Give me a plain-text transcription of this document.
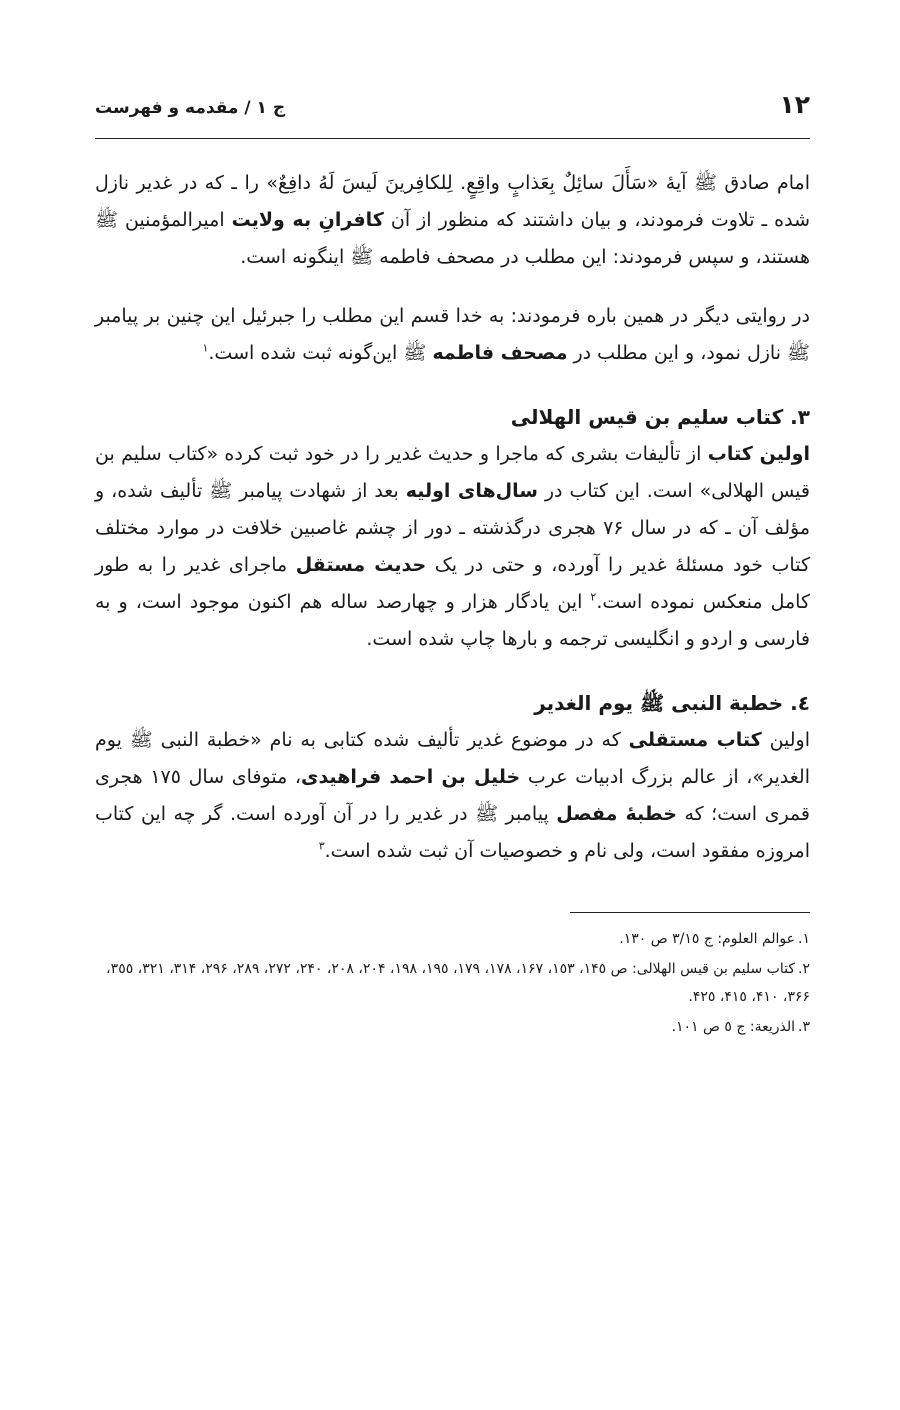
١٢
ج ١ / مقدمه و فهرست

امام صادق ﷺ آیهٔ «سَأَلَ سائِلٌ بِعَذابٍ واقِعٍ. لِلکافِرینَ لَیسَ لَهُ دافِعٌ» را ـ که در غدیر نازل شده ـ تلاوت فرمودند، و بیان داشتند که منظور از آن کافرانِ به ولایت امیرالمؤمنین ﷺ هستند، و سپس فرمودند: این مطلب در مصحف فاطمه ﷺ اینگونه است.

در روایتی دیگر در همین باره فرمودند: به خدا قسم این مطلب را جبرئیل این چنین بر پیامبر ﷺ نازل نمود، و این مطلب در مصحف فاطمه ﷺ این‌گونه ثبت شده است.$^١$

٣. کتاب سلیم بن قیس الهلالی

اولین کتاب از تألیفات بشری که ماجرا و حدیث غدیر را در خود ثبت کرده «کتاب سلیم بن قیس الهلالی» است. این کتاب در سال‌های اولیه بعد از شهادت پیامبر ﷺ تألیف شده، و مؤلف آن ـ که در سال ٧۶ هجری درگذشته ـ دور از چشم غاصبین خلافت در موارد مختلف کتاب خود مسئلهٔ غدیر را آورده، و حتی در یک حدیث مستقل ماجرای غدیر را به طور کامل منعکس نموده است.$^٢$ این یادگار هزار و چهارصد ساله هم اکنون موجود است، و به فارسی و اردو و انگلیسی ترجمه و بارها چاپ شده است.

٤. خطبة النبی ﷺ یوم الغدیر

اولین کتاب مستقلی که در موضوع غدیر تألیف شده کتابی به نام «خطبة النبی ﷺ یوم الغدیر»، از عالم بزرگ ادبیات عرب خلیل بن احمد فراهیدی، متوفای سال ١٧٥ هجری قمری است؛ که خطبهٔ مفصل پیامبر ﷺ در غدیر را در آن آورده است. گر چه این کتاب امروزه مفقود است، ولی نام و خصوصیات آن ثبت شده است.$^٣$

١.عوالم العلوم: ج ٣/١٥ ص ١٣٠.

٢.کتاب سلیم بن قیس الهلالی: ص ١۴٥، ١٥٣، ١۶٧، ١٧٨، ١٧٩، ١٩٥، ١٩٨، ٢٠۴، ٢٠٨، ٢۴٠، ٢٧٢، ٢٨٩، ٢٩۶، ٣١۴، ٣٢١، ٣٥٥، ٣۶۶، ۴١٠، ۴١٥، ۴٢٥.

٣.الذریعة: ج ٥ ص ١٠١.
